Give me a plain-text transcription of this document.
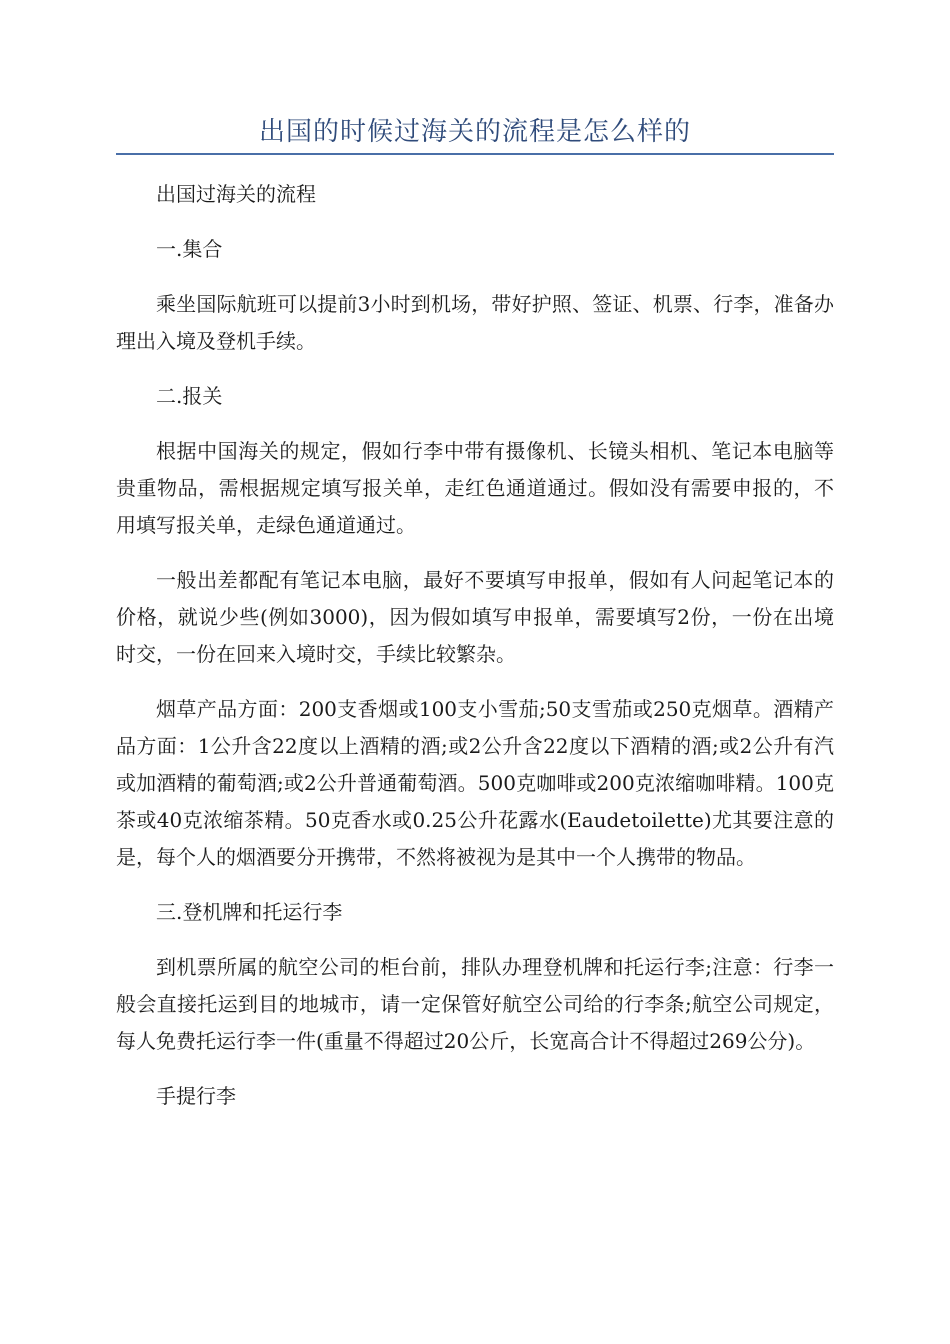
出国的时候过海关的流程是怎么样的

出国过海关的流程

一.集合

乘坐国际航班可以提前3小时到机场，带好护照、签证、机票、行李，准备办理出入境及登机手续。

二.报关

根据中国海关的规定，假如行李中带有摄像机、长镜头相机、笔记本电脑等贵重物品，需根据规定填写报关单，走红色通道通过。假如没有需要申报的，不用填写报关单，走绿色通道通过。

一般出差都配有笔记本电脑，最好不要填写申报单，假如有人问起笔记本的价格，就说少些(例如3000)，因为假如填写申报单，需要填写2份，一份在出境时交，一份在回来入境时交，手续比较繁杂。

烟草产品方面：200支香烟或100支小雪茄;50支雪茄或250克烟草。酒精产品方面：1公升含22度以上酒精的酒;或2公升含22度以下酒精的酒;或2公升有汽或加酒精的葡萄酒;或2公升普通葡萄酒。500克咖啡或200克浓缩咖啡精。100克茶或40克浓缩茶精。50克香水或0.25公升花露水(Eaudetoilette)尤其要注意的是，每个人的烟酒要分开携带，不然将被视为是其中一个人携带的物品。

三.登机牌和托运行李

到机票所属的航空公司的柜台前，排队办理登机牌和托运行李;注意：行李一般会直接托运到目的地城市，请一定保管好航空公司给的行李条;航空公司规定，每人免费托运行李一件(重量不得超过20公斤，长宽高合计不得超过269公分)。

手提行李
